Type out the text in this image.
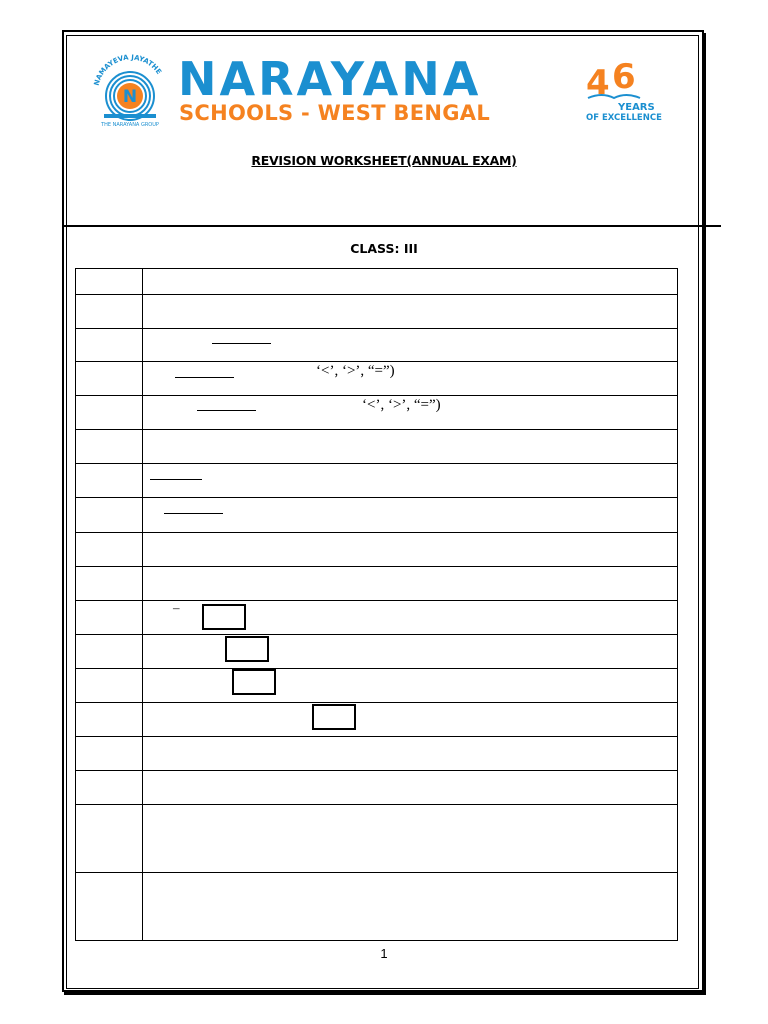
NAMAYEVA JAYATHE
N
THE NARAYANA GROUP
NARAYANA
SCHOOLS - WEST BENGAL
4 6
YEARS
OF EXCELLENCE
REVISION WORKSHEET(ANNUAL EXAM)
CLASS: III
‘<’, ‘>’, “=”)
‘<’, ‘>’, “=”)
–
1
